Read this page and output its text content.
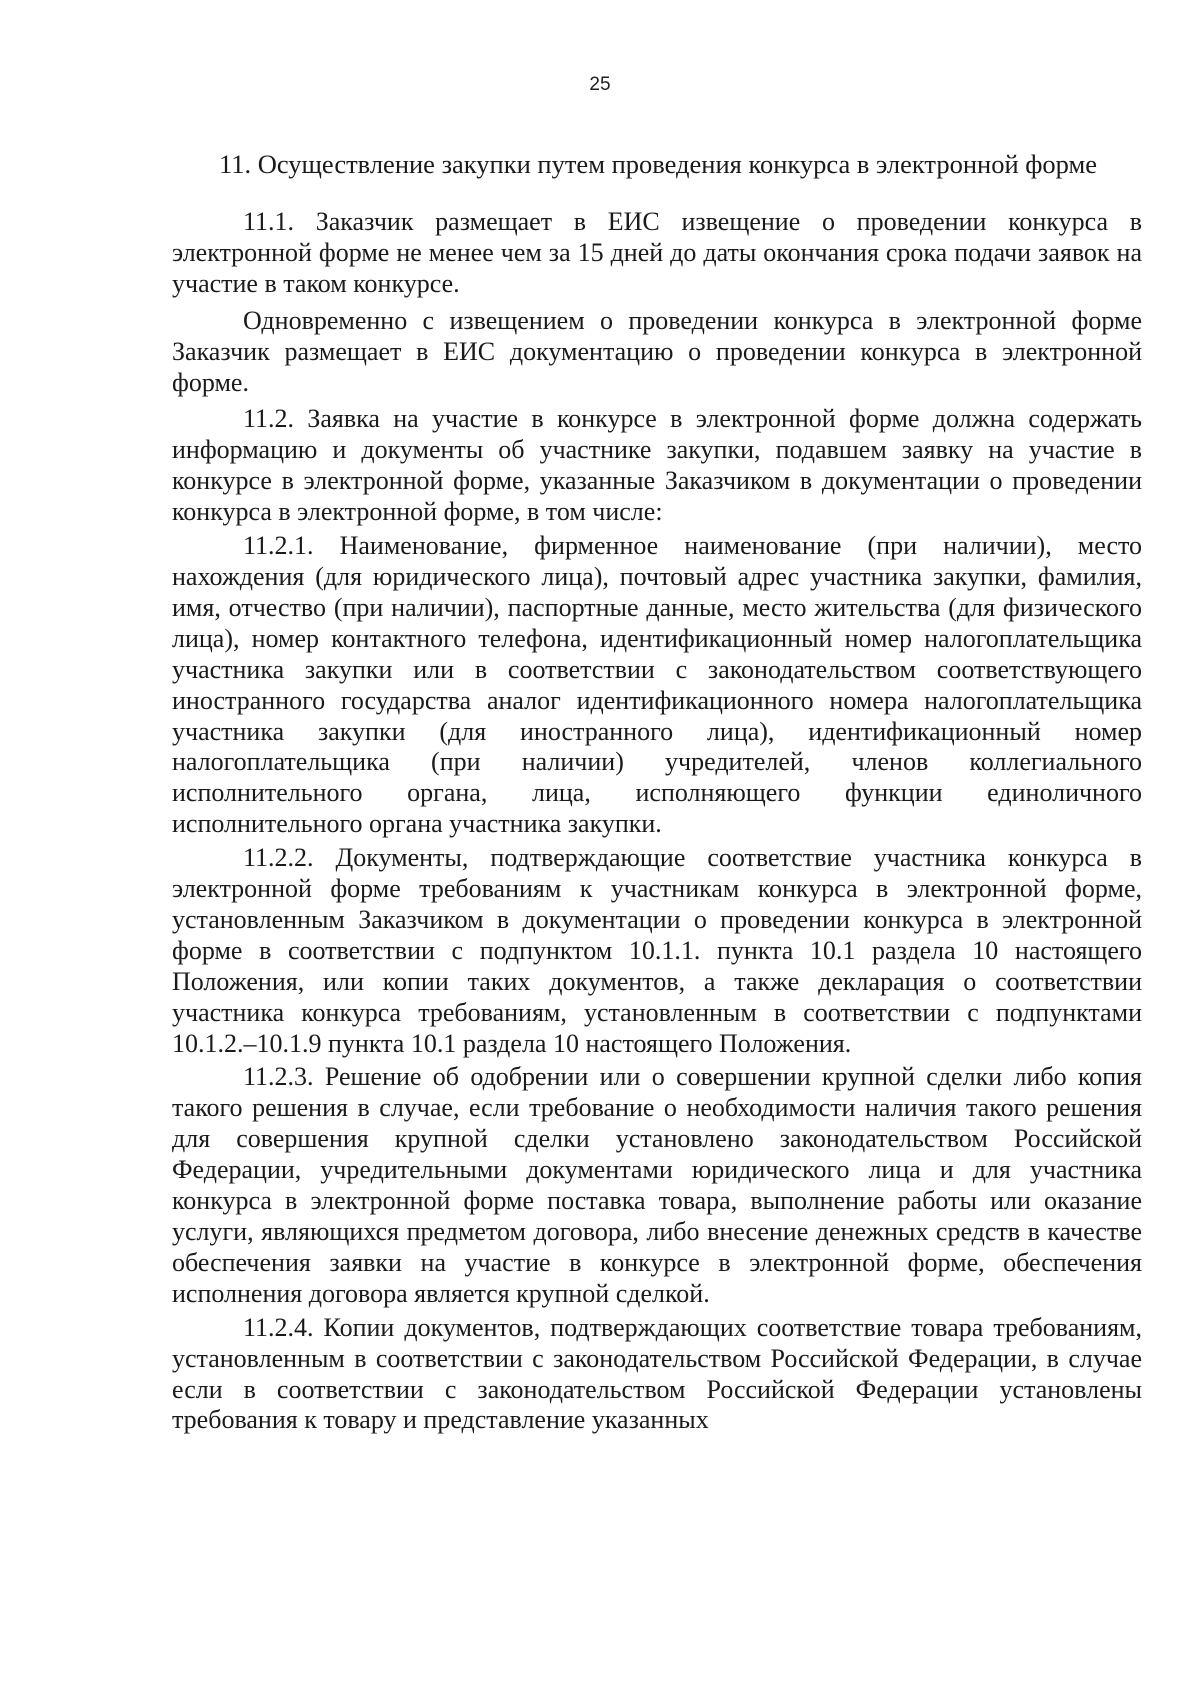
25
11. Осуществление закупки путем проведения конкурса в электронной форме

11.1. Заказчик размещает в ЕИС извещение о проведении конкурса в электронной форме не менее чем за 15 дней до даты окончания срока подачи заявок на участие в таком конкурсе.

Одновременно с извещением о проведении конкурса в электронной форме Заказчик размещает в ЕИС документацию о проведении конкурса в электронной форме.

11.2. Заявка на участие в конкурсе в электронной форме должна содержать информацию и документы об участнике закупки, подавшем заявку на участие в конкурсе в электронной форме, указанные Заказчиком в документации о проведении конкурса в электронной форме, в том числе:

11.2.1. Наименование, фирменное наименование (при наличии), место нахождения (для юридического лица), почтовый адрес участника закупки, фамилия, имя, отчество (при наличии), паспортные данные, место жительства (для физического лица), номер контактного телефона, идентификационный номер налогоплательщика участника закупки или в соответствии с законодательством соответствующего иностранного государства аналог идентификационного номера налогоплательщика участника закупки (для иностранного лица), идентификационный номер налогоплательщика (при наличии) учредителей, членов коллегиального исполнительного органа, лица, исполняющего функции единоличного исполнительного органа участника закупки.

11.2.2. Документы, подтверждающие соответствие участника конкурса в электронной форме требованиям к участникам конкурса в электронной форме, установленным Заказчиком в документации о проведении конкурса в электронной форме в соответствии с подпунктом 10.1.1. пункта 10.1 раздела 10 настоящего Положения, или копии таких документов, а также декларация о соответствии участника конкурса требованиям, установленным в соответствии с подпунктами 10.1.2.–10.1.9 пункта 10.1 раздела 10 настоящего Положения.

11.2.3. Решение об одобрении или о совершении крупной сделки либо копия такого решения в случае, если требование о необходимости наличия такого решения для совершения крупной сделки установлено законодательством Российской Федерации, учредительными документами юридического лица и для участника конкурса в электронной форме поставка товара, выполнение работы или оказание услуги, являющихся предметом договора, либо внесение денежных средств в качестве обеспечения заявки на участие в конкурсе в электронной форме, обеспечения исполнения договора является крупной сделкой.

11.2.4. Копии документов, подтверждающих соответствие товара требованиям, установленным в соответствии с законодательством Российской Федерации, в случае если в соответствии с законодательством Российской Федерации установлены требования к товару и представление указанных
